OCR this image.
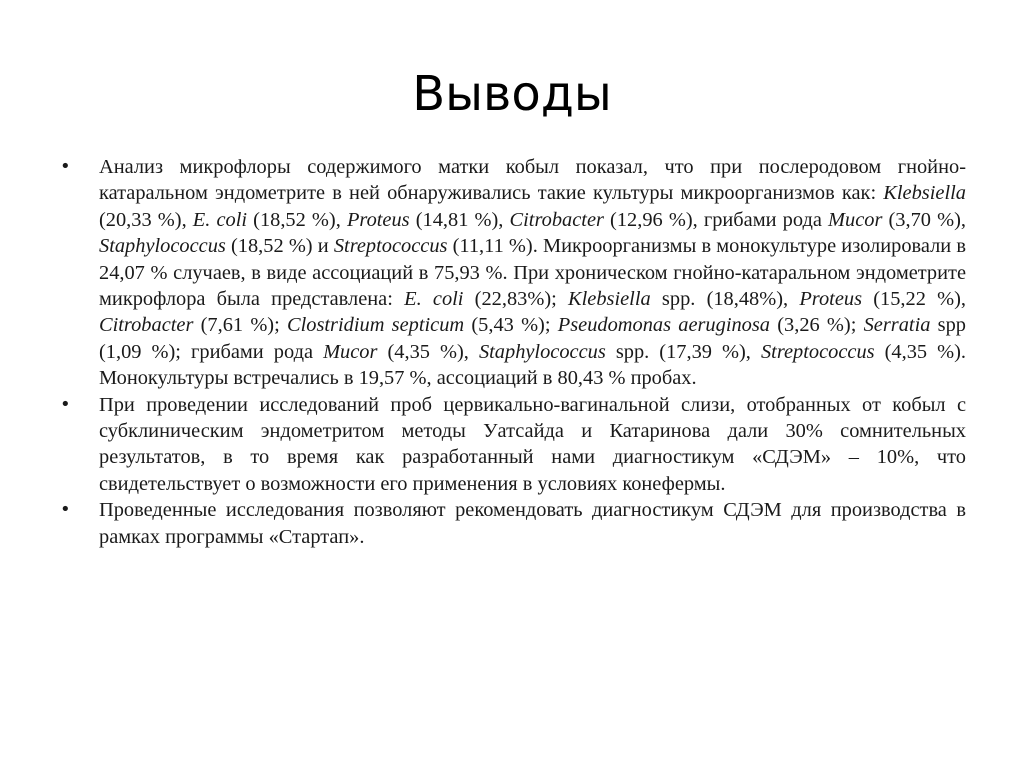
Выводы
• Анализ микрофлоры содержимого матки кобыл показал, что при послеродовом гнойно-катаральном эндометрите в ней обнаруживались такие культуры микроорганизмов как: Klebsiella (20,33 %), E. coli (18,52 %), Proteus (14,81 %), Citrobacter (12,96 %), грибами рода Mucor (3,70 %), Staphylococcus (18,52 %) и Streptococcus (11,11 %). Микроорганизмы в монокультуре изолировали в 24,07 % случаев, в виде ассоциаций в 75,93 %. При хроническом гнойно-катаральном эндометрите микрофлора была представлена: E. coli (22,83%); Klebsiella spp. (18,48%), Proteus (15,22 %), Citrobacter (7,61 %); Clostridium septicum (5,43 %); Pseudomonas aeruginosa (3,26 %); Serratia spp (1,09 %); грибами рода Mucor (4,35 %), Staphylococcus spp. (17,39 %), Streptococcus (4,35 %). Монокультуры встречались в 19,57 %, ассоциаций в 80,43 % пробах.
• При проведении исследований проб цервикально-вагинальной слизи, отобранных от кобыл с субклиническим эндометритом методы Уатсайда и Катаринова дали 30% сомнительных результатов, в то время как разработанный нами диагностикум «СДЭМ» – 10%, что свидетельствует о возможности его применения в условиях конефермы.
• Проведенные исследования позволяют рекомендовать диагностикум СДЭМ для производства в рамках программы «Стартап».
